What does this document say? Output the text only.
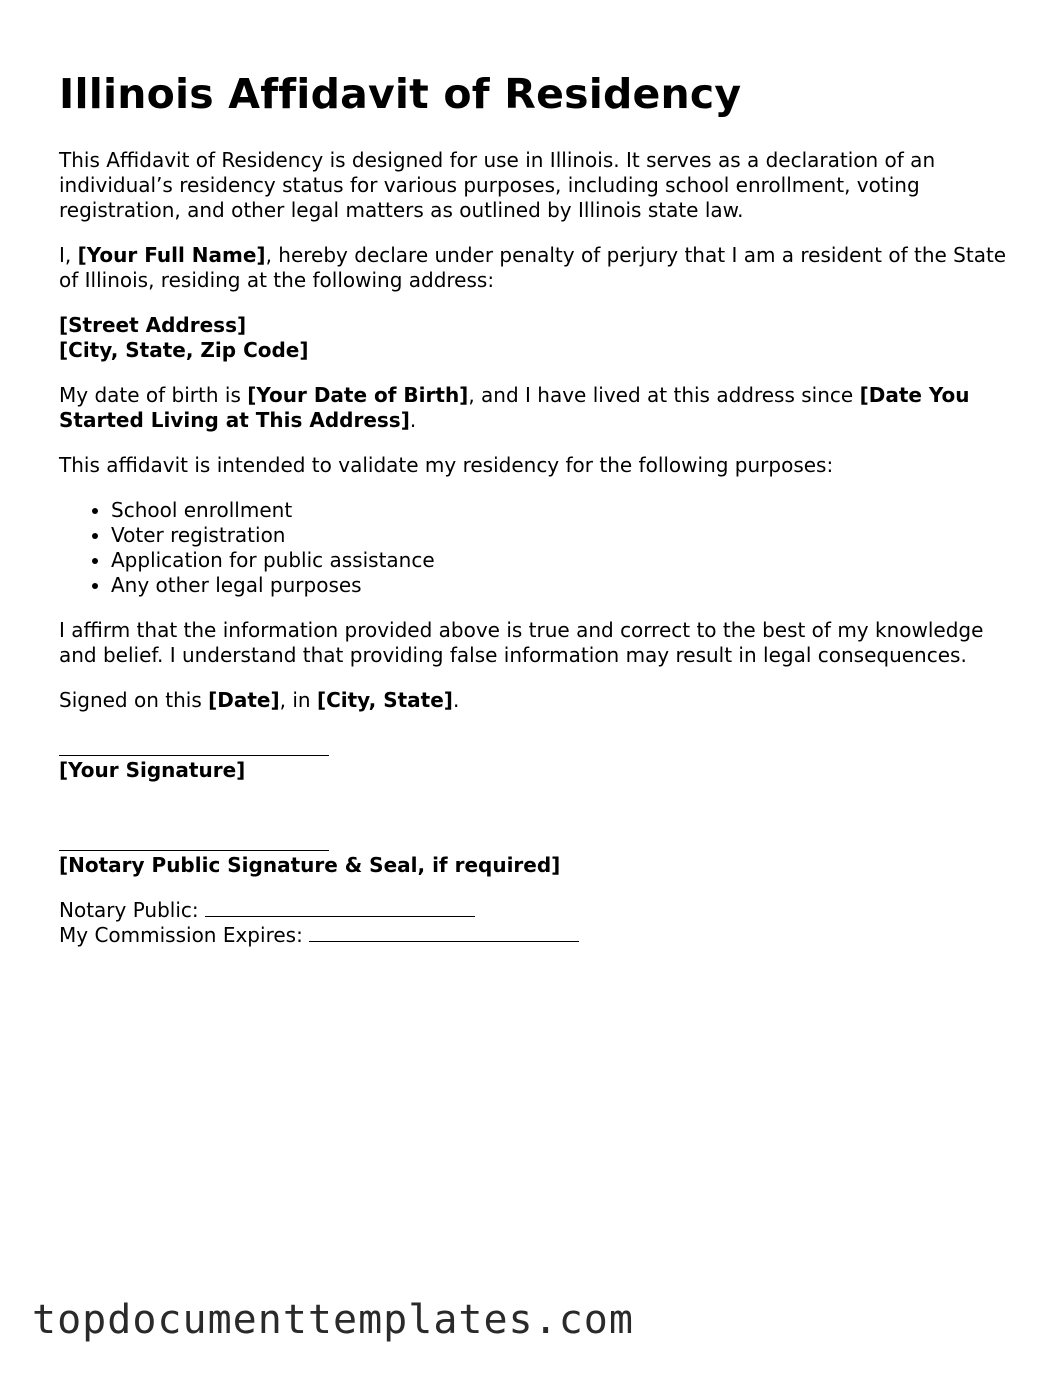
Illinois Affidavit of Residency

This Affidavit of Residency is designed for use in Illinois. It serves as a declaration of an individual’s residency status for various purposes, including school enrollment, voting registration, and other legal matters as outlined by Illinois state law.

I, [Your Full Name], hereby declare under penalty of perjury that I am a resident of the State of Illinois, residing at the following address:

[Street Address]
[City, State, Zip Code]

My date of birth is [Your Date of Birth], and I have lived at this address since [Date You Started Living at This Address].

This affidavit is intended to validate my residency for the following purposes:

• School enrollment
• Voter registration
• Application for public assistance
• Any other legal purposes

I affirm that the information provided above is true and correct to the best of my knowledge and belief. I understand that providing false information may result in legal consequences.

Signed on this [Date], in [City, State].

[Your Signature]
[Notary Public Signature & Seal, if required]
Notary Public:
My Commission Expires:
topdocumenttemplates.com
